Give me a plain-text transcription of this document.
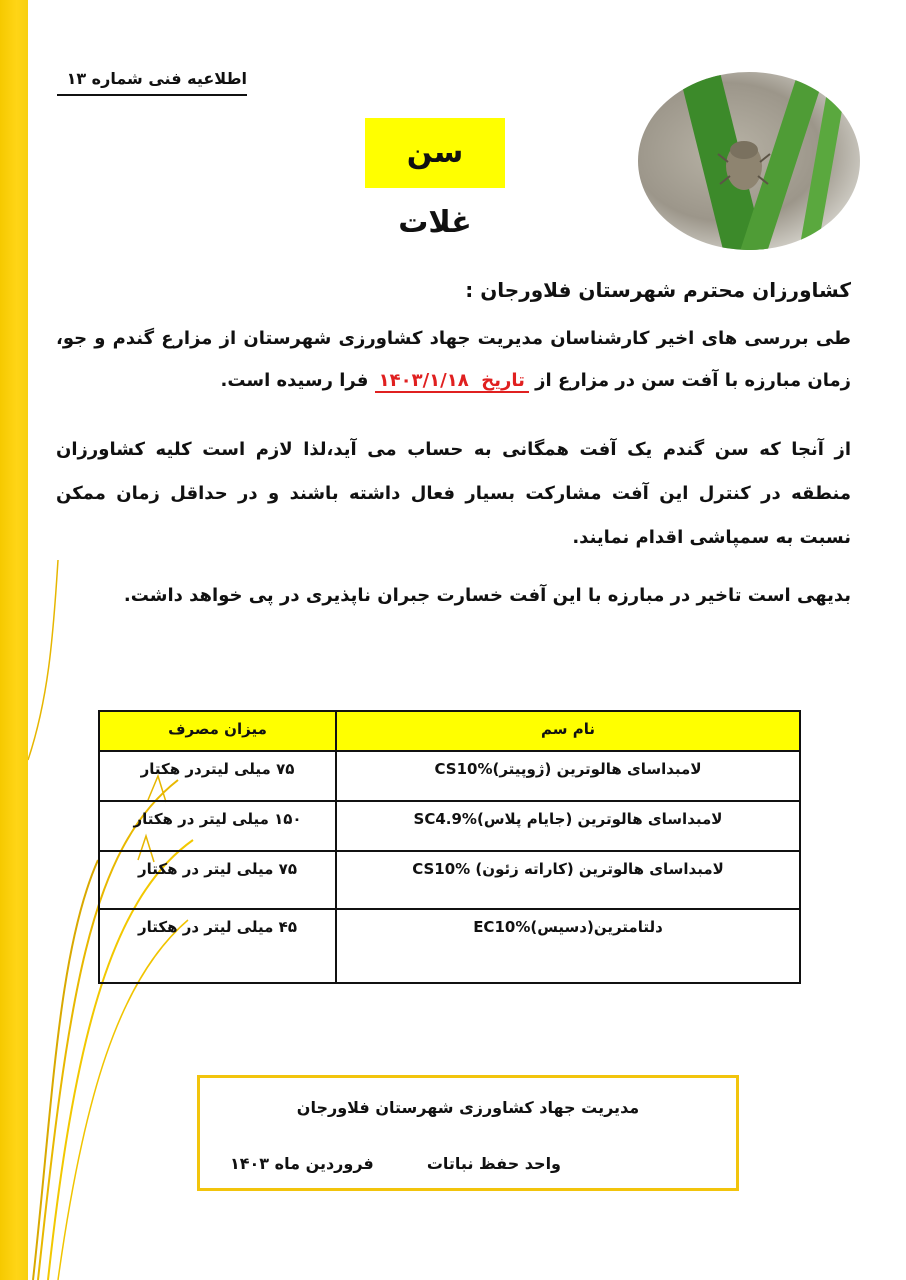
اطلاعیه فنی شماره ۱۳
سن غلات
کشاورزان محترم شهرستان فلاورجان :
طی بررسی های اخیر کارشناسان مدیریت جهاد کشاورزی شهرستان از مزارع گندم و جو، زمان مبارزه با آفت سن در مزارع از تاریخ  ۱۴۰۳/۱/۱۸ فرا رسیده است.
از آنجا که سن گندم یک آفت همگانی به حساب می آید،لذا لازم است کلیه کشاورزان منطقه در کنترل این آفت مشارکت بسیار فعال داشته باشند و در حداقل زمان ممکن نسبت به سمپاشی اقدام نمایند.
بدیهی است تاخیر در مبارزه با این آفت خسارت جبران ناپذیری در پی خواهد داشت.
نام سم	میزان مصرف
لامبداسای هالوترین (ژوپیتر)CS10%	۷۵ میلی لیتردر هکتار
لامبداسای هالوترین (جایام پلاس)SC4.9%	۱۵۰ میلی لیتر در هکتار
لامبداسای هالوترین (کاراته زئون) CS10%	۷۵ میلی لیتر در هکتار
دلتامترین(دسیس)EC10%	۴۵ میلی لیتر در هکتار
مدیریت جهاد کشاورزی شهرستان فلاورجان
واحد حفظ نباتات
فروردین ماه ۱۴۰۳
